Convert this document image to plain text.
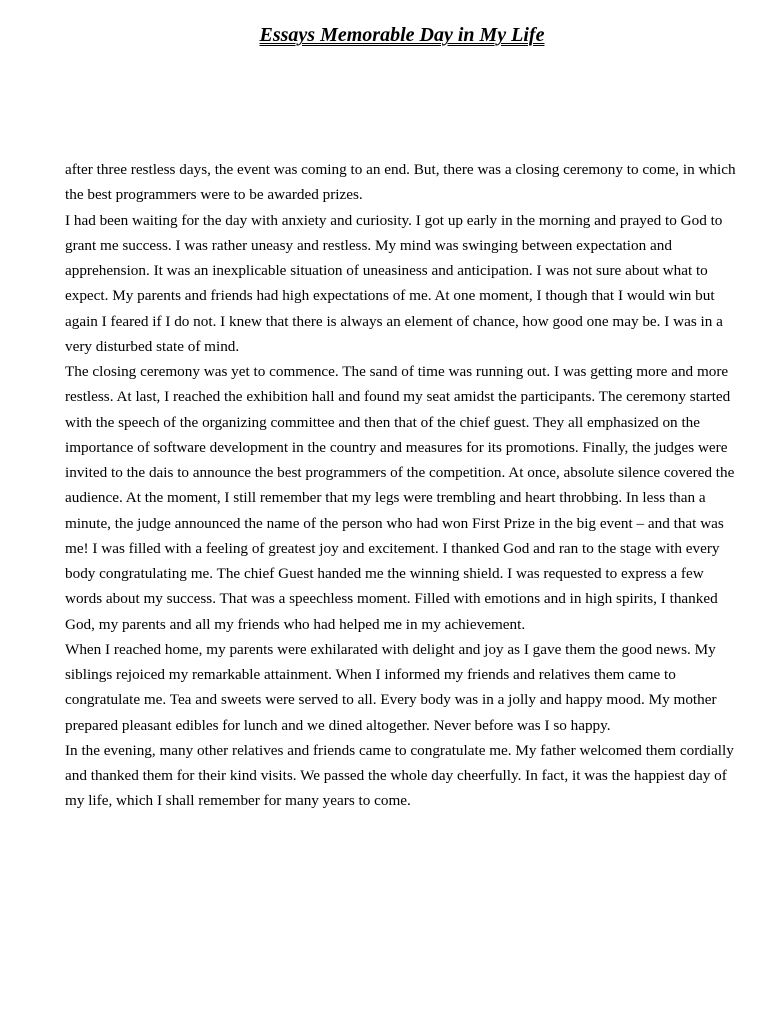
Essays Memorable Day in My Life

after three restless days, the event was coming to an end. But, there was a closing ceremony to come, in which the best programmers were to be awarded prizes.

I had been waiting for the day with anxiety and curiosity. I got up early in the morning and prayed to God to grant me success. I was rather uneasy and restless. My mind was swinging between expectation and apprehension. It was an inexplicable situation of uneasiness and anticipation. I was not sure about what to expect. My parents and friends had high expectations of me. At one moment, I though that I would win but again I feared if I do not. I knew that there is always an element of chance, how good one may be. I was in a very disturbed state of mind.

The closing ceremony was yet to commence. The sand of time was running out. I was getting more and more restless. At last, I reached the exhibition hall and found my seat amidst the participants. The ceremony started with the speech of the organizing committee and then that of the chief guest. They all emphasized on the importance of software development in the country and measures for its promotions. Finally, the judges were invited to the dais to announce the best programmers of the competition. At once, absolute silence covered the audience. At the moment, I still remember that my legs were trembling and heart throbbing. In less than a minute, the judge announced the name of the person who had won First Prize in the big event – and that was me! I was filled with a feeling of greatest joy and excitement. I thanked God and ran to the stage with every body congratulating me. The chief Guest handed me the winning shield. I was requested to express a few words about my success. That was a speechless moment. Filled with emotions and in high spirits, I thanked God, my parents and all my friends who had helped me in my achievement.

When I reached home, my parents were exhilarated with delight and joy as I gave them the good news. My siblings rejoiced my remarkable attainment. When I informed my friends and relatives them came to congratulate me. Tea and sweets were served to all. Every body was in a jolly and happy mood. My mother prepared pleasant edibles for lunch and we dined altogether. Never before was I so happy.

In the evening, many other relatives and friends came to congratulate me. My father welcomed them cordially and thanked them for their kind visits. We passed the whole day cheerfully. In fact, it was the happiest day of my life, which I shall remember for many years to come.
